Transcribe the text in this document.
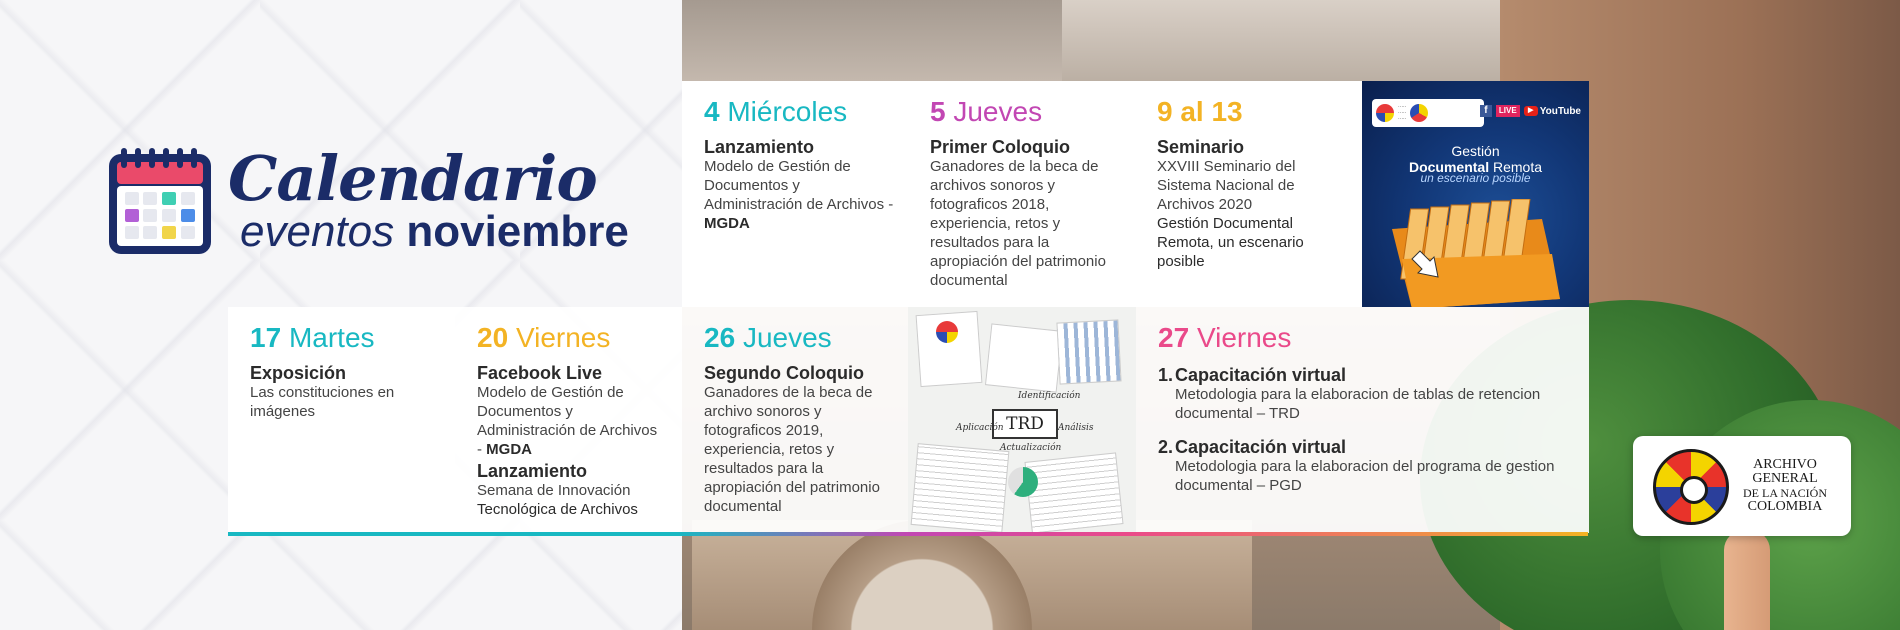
Calendario
eventos noviembre
4 Miércoles
Lanzamiento
Modelo de Gestión de Documentos y Administración de Archivos - MGDA
5 Jueves
Primer Coloquio
Ganadores de la beca de archivos sonoros y fotograficos 2018, experiencia, retos y resultados para la apropiación del patrimonio documental
9 al 13
Seminario
XXVIII Seminario del Sistema Nacional de Archivos 2020
Gestión Documental Remota, un escenario posible
·····
·····
·····
f	LIVE	▶ YouTube
Gestión
Documental Remota
un escenario posible
17 Martes
Exposición
Las constituciones en imágenes
20 Viernes
Facebook Live
Modelo de Gestión de Documentos y Administración de Archivos - MGDA
Lanzamiento
Semana de Innovación
Tecnológica de Archivos
26 Jueves
Segundo Coloquio
Ganadores de la beca de archivo sonoros y fotograficos 2019, experiencia, retos y resultados para la apropiación del patrimonio documental
TRD
Identificación
Análisis
Aplicación
Actualización
27 Viernes
1. Capacitación virtual
Metodologia para la elaboracion de tablas de retencion documental – TRD
2. Capacitación virtual
Metodologia para la elaboracion del programa de gestion documental – PGD
ARCHIVO
GENERAL
DE LA NACIÓN
COLOMBIA
